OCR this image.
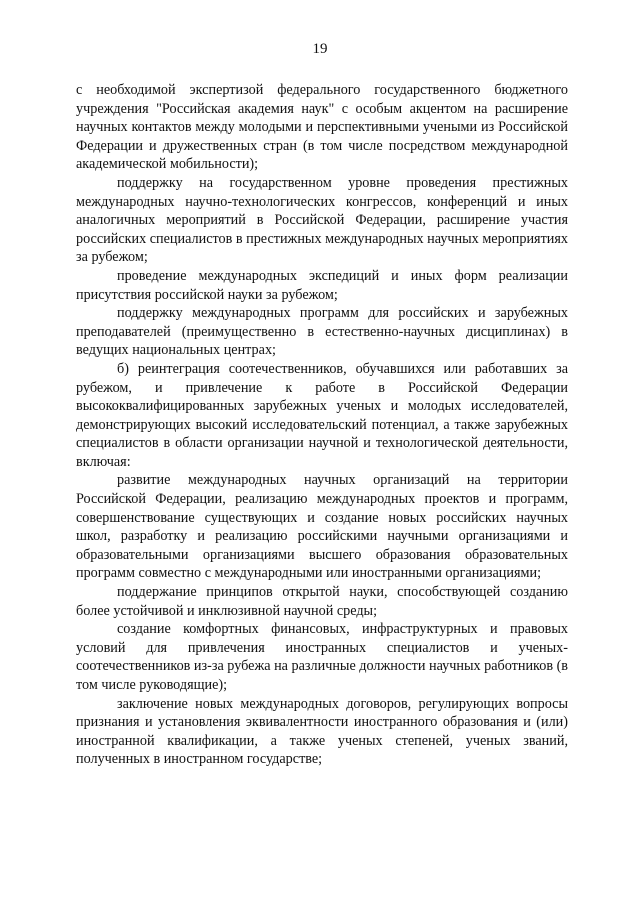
19

с необходимой экспертизой федерального государственного бюджетного учреждения "Российская академия наук" с особым акцентом на расширение научных контактов между молодыми и перспективными учеными из Российской Федерации и дружественных стран (в том числе посредством международной академической мобильности);

поддержку на государственном уровне проведения престижных международных научно-технологических конгрессов, конференций и иных аналогичных мероприятий в Российской Федерации, расширение участия российских специалистов в престижных международных научных мероприятиях за рубежом;

проведение международных экспедиций и иных форм реализации присутствия российской науки за рубежом;

поддержку международных программ для российских и зарубежных преподавателей (преимущественно в естественно-научных дисциплинах) в ведущих национальных центрах;

б) реинтеграция соотечественников, обучавшихся или работавших за рубежом, и привлечение к работе в Российской Федерации высококвалифицированных зарубежных ученых и молодых исследователей, демонстрирующих высокий исследовательский потенциал, а также зарубежных специалистов в области организации научной и технологической деятельности, включая:

развитие международных научных организаций на территории Российской Федерации, реализацию международных проектов и программ, совершенствование существующих и создание новых российских научных школ, разработку и реализацию российскими научными организациями и образовательными организациями высшего образования образовательных программ совместно с международными или иностранными организациями;

поддержание принципов открытой науки, способствующей созданию более устойчивой и инклюзивной научной среды;

создание комфортных финансовых, инфраструктурных и правовых условий для привлечения иностранных специалистов и ученых-соотечественников из-за рубежа на различные должности научных работников (в том числе руководящие);

заключение новых международных договоров, регулирующих вопросы признания и установления эквивалентности иностранного образования и (или) иностранной квалификации, а также ученых степеней, ученых званий, полученных в иностранном государстве;
